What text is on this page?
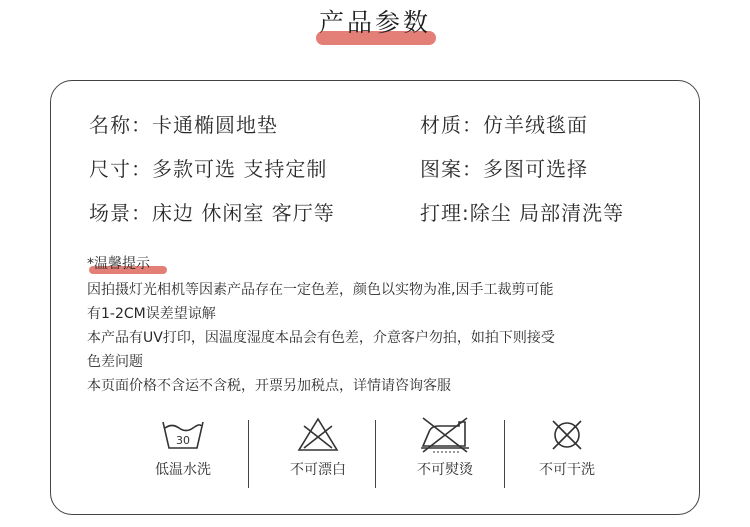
产品参数
名称：卡通椭圆地垫	材质：仿羊绒毯面
尺寸：多款可选 支持定制	图案：多图可选择
场景：床边 休闲室 客厅等	打理:除尘 局部清洗等
*温馨提示
因拍摄灯光相机等因素产品存在一定色差，颜色以实物为准,因手工裁剪可能
有1-2CM误差望谅解
本产品有UV打印，因温度湿度本品会有色差，介意客户勿拍，如拍下则接受
色差问题
本页面价格不含运不含税，开票另加税点，详情请咨询客服
30
低温水洗	不可漂白	不可熨烫	不可干洗
